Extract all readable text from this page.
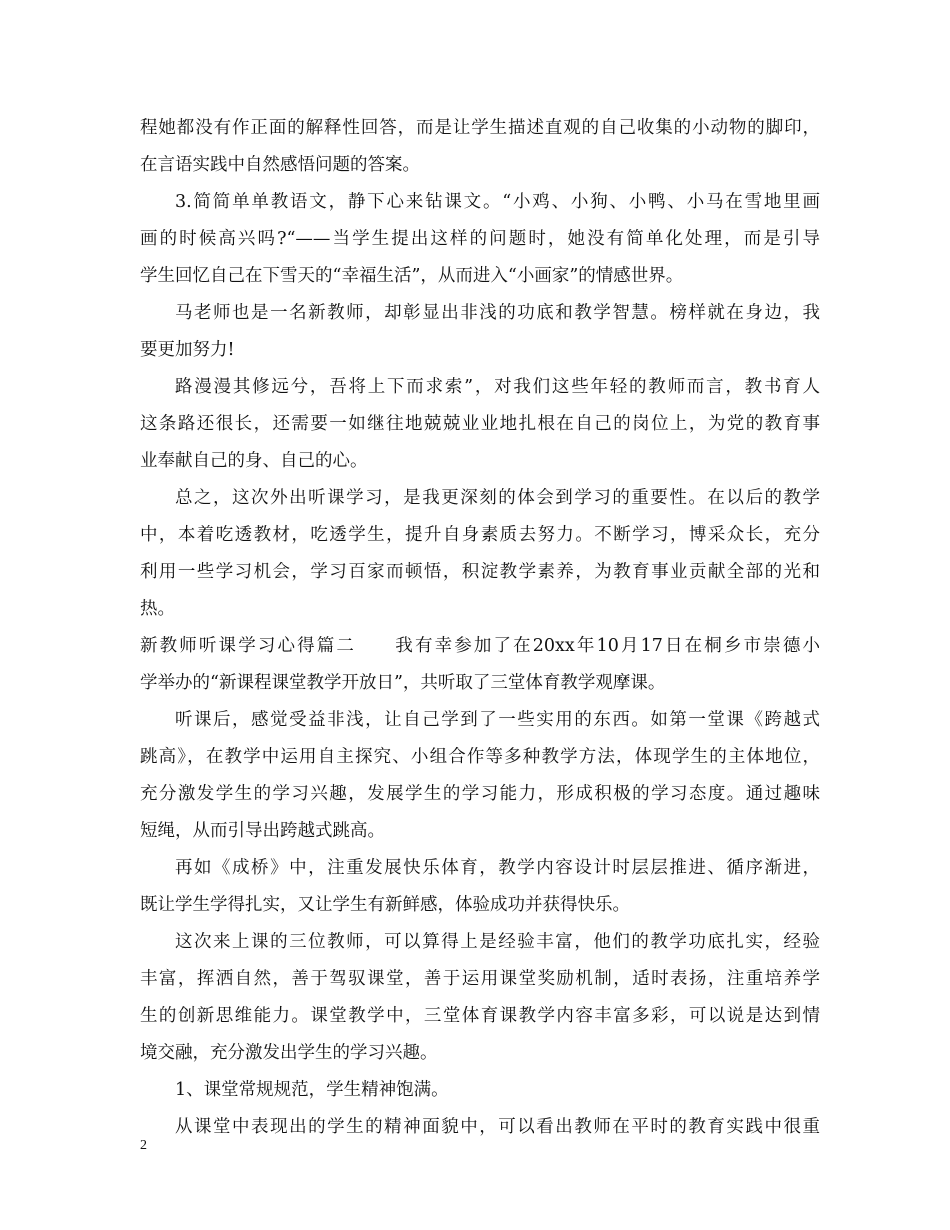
程她都没有作正面的解释性回答，而是让学生描述直观的自己收集的小动物的脚印，
在言语实践中自然感悟问题的答案。
3.简简单单教语文，静下心来钻课文。“小鸡、小狗、小鸭、小马在雪地里画
画的时候高兴吗?“——当学生提出这样的问题时，她没有简单化处理，而是引导
学生回忆自己在下雪天的“幸福生活”，从而进入“小画家”的情感世界。
马老师也是一名新教师，却彰显出非浅的功底和教学智慧。榜样就在身边，我
要更加努力!
路漫漫其修远兮，吾将上下而求索”，对我们这些年轻的教师而言，教书育人
这条路还很长，还需要一如继往地兢兢业业地扎根在自己的岗位上，为党的教育事
业奉献自己的身、自己的心。
总之，这次外出听课学习，是我更深刻的体会到学习的重要性。在以后的教学
中，本着吃透教材，吃透学生，提升自身素质去努力。不断学习，博采众长，充分
利用一些学习机会，学习百家而顿悟，积淀教学素养，为教育事业贡献全部的光和
热。
新教师听课学习心得篇二　　我有幸参加了在20xx年10月17日在桐乡市崇德小
学举办的“新课程课堂教学开放日”，共听取了三堂体育教学观摩课。
听课后，感觉受益非浅，让自己学到了一些实用的东西。如第一堂课《跨越式
跳高》，在教学中运用自主探究、小组合作等多种教学方法，体现学生的主体地位，
充分激发学生的学习兴趣，发展学生的学习能力，形成积极的学习态度。通过趣味
短绳，从而引导出跨越式跳高。
再如《成桥》中，注重发展快乐体育，教学内容设计时层层推进、循序渐进，
既让学生学得扎实，又让学生有新鲜感，体验成功并获得快乐。
这次来上课的三位教师，可以算得上是经验丰富，他们的教学功底扎实，经验
丰富，挥洒自然，善于驾驭课堂，善于运用课堂奖励机制，适时表扬，注重培养学
生的创新思维能力。课堂教学中，三堂体育课教学内容丰富多彩，可以说是达到情
境交融，充分激发出学生的学习兴趣。
1、课堂常规规范，学生精神饱满。
从课堂中表现出的学生的精神面貌中，可以看出教师在平时的教育实践中很重
2
